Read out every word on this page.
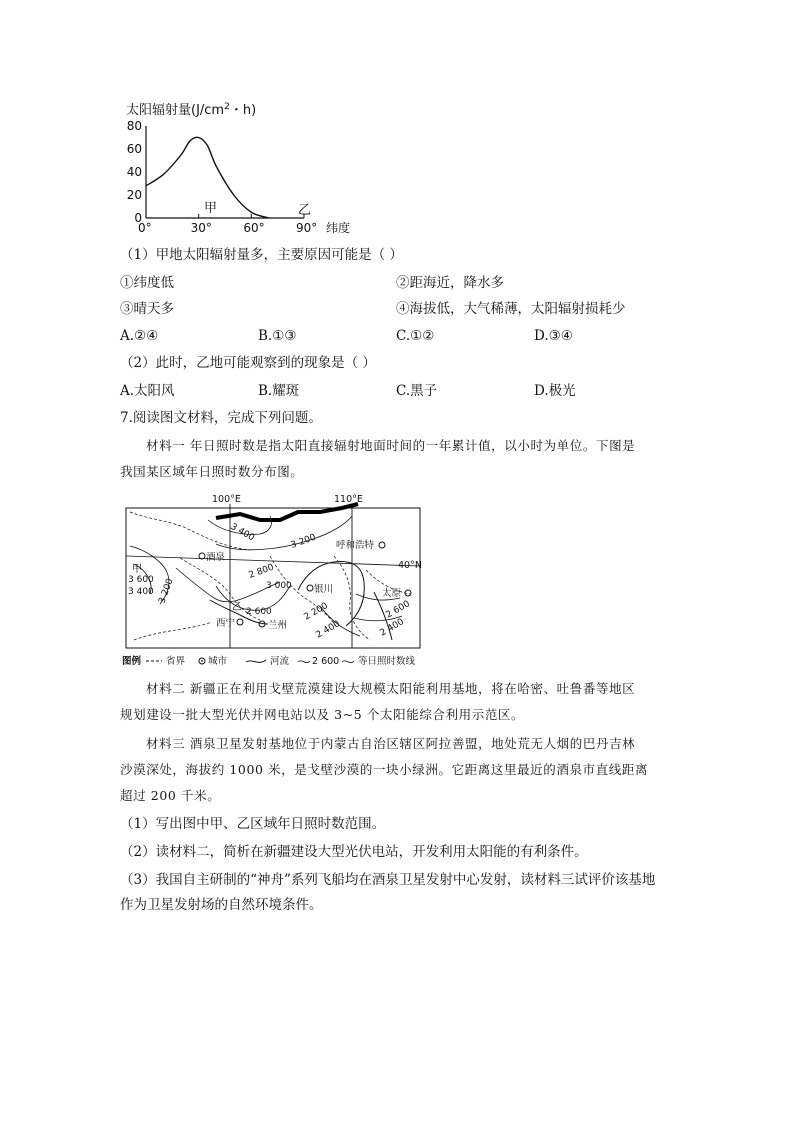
太阳辐射量($J/cm^2$・h)
0
20
40
60
80
0°	30°	60°	90°
甲	乙
纬度
（1）甲地太阳辐射量多，主要原因可能是（ ）
①纬度低	②距海近，降水多
③晴天多	④海拔低，大气稀薄，太阳辐射损耗少
A.②④	B.①③	C.①②	D.③④
（2）此时，乙地可能观察到的现象是（ ）
A.太阳风	B.耀斑	C.黑子	D.极光
7.阅读图文材料，完成下列问题。
材料一 年日照时数是指太阳直接辐射地面时间的一年累计值，以小时为单位。下图是
我国某区域年日照时数分布图。
100°E	110°E
40°N
3 400	3 200
3 000
2 800
2 600
2 400
2 200
3 600
3 400 3 200
2 600
2 400
酒泉
呼和浩特
银川	太原
西宁	兰州
甲
乙
图例	省界 城市	河流 2 600 等日照时数线
材料二 新疆正在利用戈壁荒漠建设大规模太阳能利用基地，将在哈密、吐鲁番等地区
规划建设一批大型光伏并网电站以及 3~5 个太阳能综合利用示范区。
材料三 酒泉卫星发射基地位于内蒙古自治区辖区阿拉善盟，地处荒无人烟的巴丹吉林
沙漠深处，海拔约 1000 米，是戈壁沙漠的一块小绿洲。它距离这里最近的酒泉市直线距离
超过 200 千米。
（1）写出图中甲、乙区域年日照时数范围。
（2）读材料二，简析在新疆建设大型光伏电站，开发利用太阳能的有利条件。
（3）我国自主研制的“神舟”系列飞船均在酒泉卫星发射中心发射，读材料三试评价该基地
作为卫星发射场的自然环境条件。
